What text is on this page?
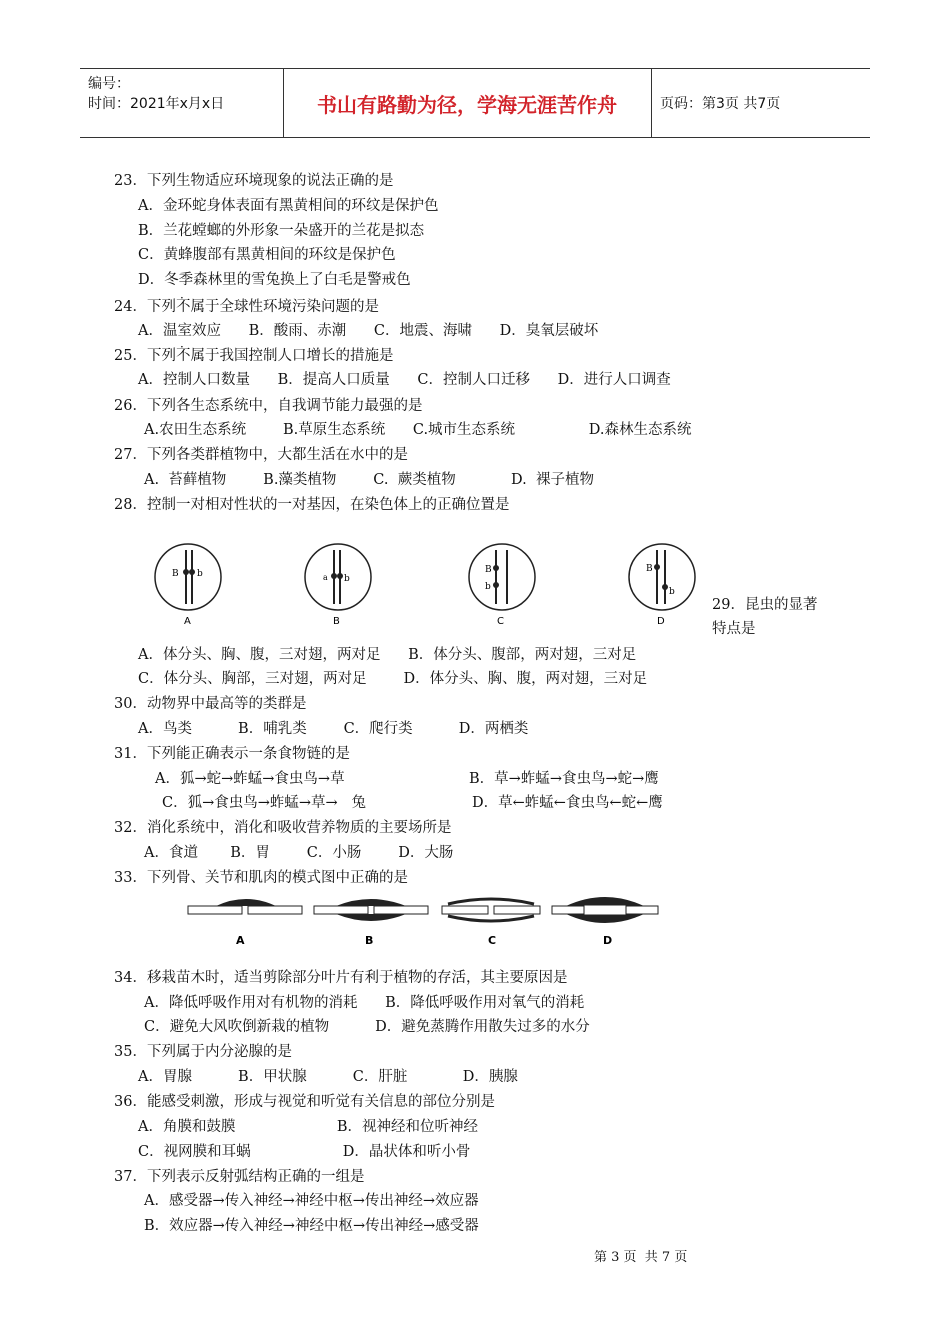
编号：
时间：2021年x月x日	书山有路勤为径，学海无涯苦作舟	页码：第3页 共7页
23．下列生物适应环境现象的说法正确的是
A．金环蛇身体表面有黑黄相间的环纹是保护色
B．兰花螳螂的外形象一朵盛开的兰花是拟态
C．黄蜂腹部有黑黄相间的环纹是保护色
D．冬季森林里的雪兔换上了白毛是警戒色
24．下列不属于全球性环境污染问题的是
A．温室效应      B．酸雨、赤潮      C．地震、海啸      D．臭氧层破坏
25．下列不属于我国控制人口增长的措施是
A．控制人口数量      B．提高人口质量      C．控制人口迁移      D．进行人口调查
26．下列各生态系统中，自我调节能力最强的是
A.农田生态系统        B.草原生态系统      C.城市生态系统                D.森林生态系统
27．下列各类群植物中，大都生活在水中的是
A.  苔藓植物        B.藻类植物        C.  蕨类植物            D.  裸子植物
28．控制一对相对性状的一对基因，在染色体上的正确位置是
B b
A
a b
B
B
b
C
B
b
D
29．昆虫的显著
特点是
A．体分头、胸、腹，三对翅，两对足      B．体分头、腹部，两对翅，三对足
C．体分头、胸部，三对翅，两对足        D．体分头、胸、腹，两对翅，三对足
30．动物界中最高等的类群是
A．鸟类          B．哺乳类        C．爬行类          D．两栖类
31．下列能正确表示一条食物链的是
A．狐→蛇→蚱蜢→食虫鸟→草                           B．草→蚱蜢→食虫鸟→蛇→鹰
C．狐→食虫鸟→蚱蜢→草→   兔                       D．草←蚱蜢←食虫鸟←蛇←鹰
32．消化系统中，消化和吸收营养物质的主要场所是
A．食道       B．胃        C．小肠        D．大肠
33．下列骨、关节和肌肉的模式图中正确的是
A	B	C	D
34．移栽苗木时，适当剪除部分叶片有利于植物的存活，其主要原因是
A．降低呼吸作用对有机物的消耗      B．降低呼吸作用对氧气的消耗
C．避免大风吹倒新栽的植物          D．避免蒸腾作用散失过多的水分
35．下列属于内分泌腺的是
A．胃腺          B．甲状腺          C．肝脏            D．胰腺
36．能感受刺激，形成与视觉和听觉有关信息的部位分别是
A．角膜和鼓膜                      B．视神经和位听神经
C．视网膜和耳蜗                    D．晶状体和听小骨
37．下列表示反射弧结构正确的一组是
A．感受器→传入神经→神经中枢→传出神经→效应器
B．效应器→传入神经→神经中枢→传出神经→感受器
第 3 页  共 7 页
